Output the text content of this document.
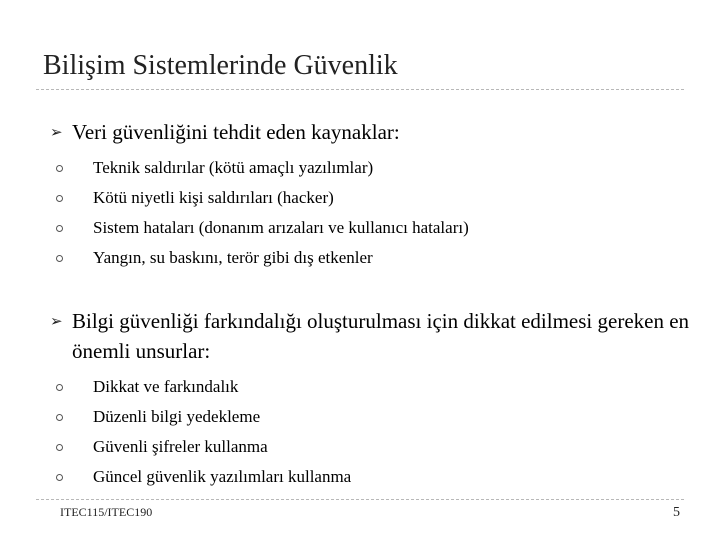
Bilişim Sistemlerinde Güvenlik
➢ Veri güvenliğini tehdit eden kaynaklar:
Teknik saldırılar (kötü amaçlı yazılımlar)
Kötü niyetli kişi saldırıları (hacker)
Sistem hataları (donanım arızaları ve kullanıcı hataları)
Yangın, su baskını, terör gibi dış etkenler
➢ Bilgi güvenliği farkındalığı oluşturulması için dikkat edilmesi gereken en önemli unsurlar:
Dikkat ve farkındalık
Düzenli bilgi yedekleme
Güvenli şifreler kullanma
Güncel güvenlik yazılımları kullanma
ITEC115/ITEC190	5
